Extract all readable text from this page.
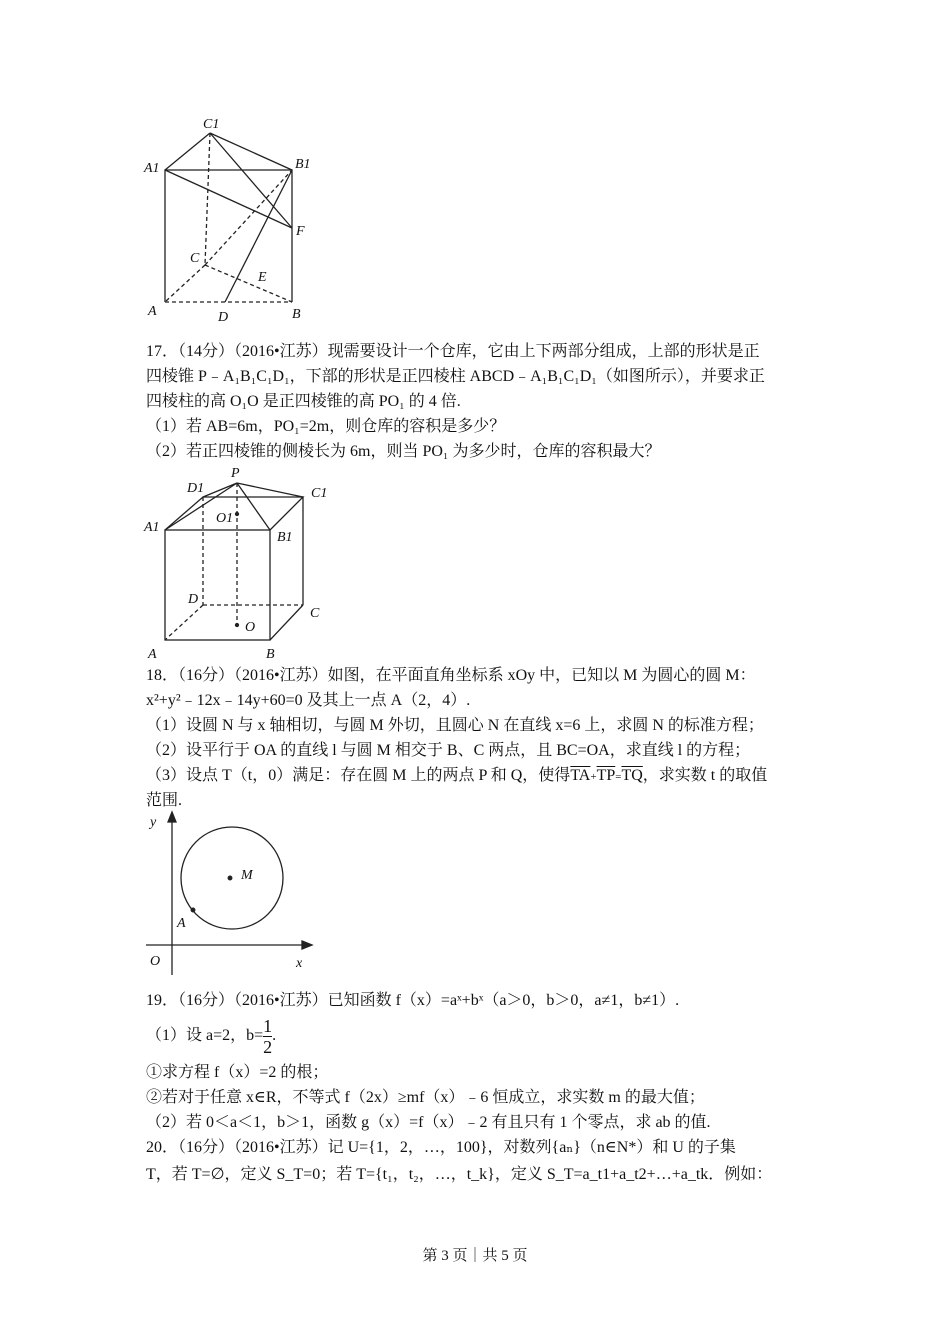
C1
A1	B1
F
C
E
A	D	B
P
D1	C1
A1
O1
B1
D
C
O
A	B
y
M
A
O	x
17．（14分）（2016•江苏）现需要设计一个仓库，它由上下两部分组成，上部的形状是正
四棱锥 P﹣A₁B₁C₁D₁，下部的形状是正四棱柱 ABCD﹣A₁B₁C₁D₁（如图所示），并要求正
四棱柱的高 O₁O 是正四棱锥的高 PO₁ 的 4 倍.
（1）若 AB=6m，PO₁=2m，则仓库的容积是多少？
（2）若正四棱锥的侧棱长为 6m，则当 PO₁ 为多少时，仓库的容积最大？
18．（16分）（2016•江苏）如图，在平面直角坐标系 xOy 中，已知以 M 为圆心的圆 M：
x²+y²﹣12x﹣14y+60=0 及其上一点 A（2，4）.
（1）设圆 N 与 x 轴相切，与圆 M 外切，且圆心 N 在直线 x=6 上，求圆 N 的标准方程；
（2）设平行于 OA 的直线 l 与圆 M 相交于 B、C 两点，且 BC=OA，求直线 l 的方程；
（3）设点 T（t，0）满足：存在圆 M 上的两点 P 和 Q，使得$\overline{TA}+\overline{TP}=\overline{TQ}$，求实数 t 的取值
范围.
19．（16分）（2016•江苏）已知函数 f（x）=aˣ+bˣ（a＞0，b＞0，a≠1，b≠1）.
（1）设 a=2，$b= \frac{1}{2}$ .
①求方程 f（x）=2 的根；
②若对于任意 x∈R，不等式 f（2x）≥mf（x）﹣6 恒成立，求实数 m 的最大值；
（2）若 0＜a＜1，b＞1，函数 g（x）=f（x）﹣2 有且只有 1 个零点，求 ab 的值.
20．（16分）（2016•江苏）记 U={1，2，…，100}，对数列{aₙ}（n∈N*）和 U 的子集
T，若 T=∅，定义 S_T=0；若 T={t₁，t₂，…，t_k}，定义 S_T=a_t1+a_t2+…+a_tk．例如：
第 3 页｜共 5 页
